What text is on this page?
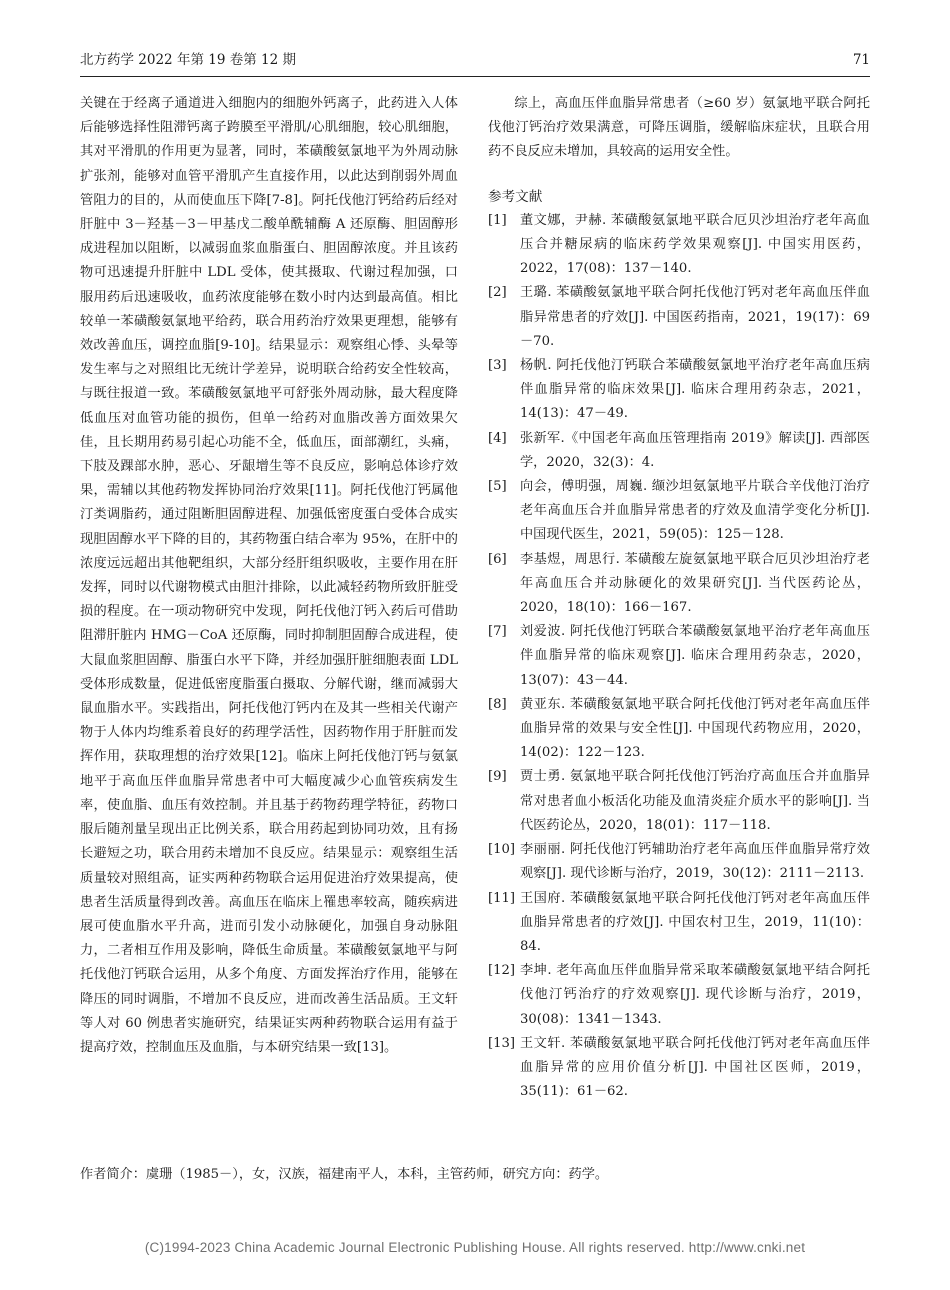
北方药学 2022 年第 19 卷第 12 期	71

关键在于经离子通道进入细胞内的细胞外钙离子，此药进入人体后能够选择性阻滞钙离子跨膜至平滑肌/心肌细胞，较心肌细胞，其对平滑肌的作用更为显著，同时，苯磺酸氨氯地平为外周动脉扩张剂，能够对血管平滑肌产生直接作用，以此达到削弱外周血管阻力的目的，从而使血压下降[7-8]。阿托伐他汀钙给药后经对肝脏中 3－羟基－3－甲基戊二酸单酰辅酶 A 还原酶、胆固醇形成进程加以阻断，以减弱血浆血脂蛋白、胆固醇浓度。并且该药物可迅速提升肝脏中 LDL 受体，使其摄取、代谢过程加强，口服用药后迅速吸收，血药浓度能够在数小时内达到最高值。相比较单一苯磺酸氨氯地平给药，联合用药治疗效果更理想，能够有效改善血压，调控血脂[9-10]。结果显示：观察组心悸、头晕等发生率与之对照组比无统计学差异，说明联合给药安全性较高，与既往报道一致。苯磺酸氨氯地平可舒张外周动脉，最大程度降低血压对血管功能的损伤，但单一给药对血脂改善方面效果欠佳，且长期用药易引起心功能不全，低血压，面部潮红，头痛，下肢及踝部水肿，恶心、牙龈增生等不良反应，影响总体诊疗效果，需辅以其他药物发挥协同治疗效果[11]。阿托伐他汀钙属他汀类调脂药，通过阻断胆固醇进程、加强低密度蛋白受体合成实现胆固醇水平下降的目的，其药物蛋白结合率为 95%，在肝中的浓度远远超出其他靶组织，大部分经肝组织吸收，主要作用在肝发挥，同时以代谢物模式由胆汁排除，以此减轻药物所致肝脏受损的程度。在一项动物研究中发现，阿托伐他汀钙入药后可借助阻滞肝脏内 HMG－CoA 还原酶，同时抑制胆固醇合成进程，使大鼠血浆胆固醇、脂蛋白水平下降，并经加强肝脏细胞表面 LDL 受体形成数量，促进低密度脂蛋白摄取、分解代谢，继而减弱大鼠血脂水平。实践指出，阿托伐他汀钙内在及其一些相关代谢产物于人体内均维系着良好的药理学活性，因药物作用于肝脏而发挥作用，获取理想的治疗效果[12]。临床上阿托伐他汀钙与氨氯地平于高血压伴血脂异常患者中可大幅度减少心血管疾病发生率，使血脂、血压有效控制。并且基于药物药理学特征，药物口服后随剂量呈现出正比例关系，联合用药起到协同功效，且有扬长避短之功，联合用药未增加不良反应。结果显示：观察组生活质量较对照组高，证实两种药物联合运用促进治疗效果提高，使患者生活质量得到改善。高血压在临床上罹患率较高，随疾病进展可使血脂水平升高，进而引发小动脉硬化，加强自身动脉阻力，二者相互作用及影响，降低生命质量。苯磺酸氨氯地平与阿托伐他汀钙联合运用，从多个角度、方面发挥治疗作用，能够在降压的同时调脂，不增加不良反应，进而改善生活品质。王文轩等人对 60 例患者实施研究，结果证实两种药物联合运用有益于提高疗效，控制血压及血脂，与本研究结果一致[13]。

综上，高血压伴血脂异常患者（≥60 岁）氨氯地平联合阿托伐他汀钙治疗效果满意，可降压调脂，缓解临床症状，且联合用药不良反应未增加，具较高的运用安全性。

参考文献

[1] 董文娜，尹赫. 苯磺酸氨氯地平联合厄贝沙坦治疗老年高血压合并糖尿病的临床药学效果观察[J]. 中国实用医药，2022，17(08)：137－140.
[2] 王璐. 苯磺酸氨氯地平联合阿托伐他汀钙对老年高血压伴血脂异常患者的疗效[J]. 中国医药指南，2021，19(17)：69－70.
[3] 杨帆. 阿托伐他汀钙联合苯磺酸氨氯地平治疗老年高血压病伴血脂异常的临床效果[J]. 临床合理用药杂志，2021，14(13)：47－49.
[4] 张新军.《中国老年高血压管理指南 2019》解读[J]. 西部医学，2020，32(3)：4.
[5] 向会，傅明强，周巍. 缬沙坦氨氯地平片联合辛伐他汀治疗老年高血压合并血脂异常患者的疗效及血清学变化分析[J]. 中国现代医生，2021，59(05)：125－128.
[6] 李基煜，周思行. 苯磺酸左旋氨氯地平联合厄贝沙坦治疗老年高血压合并动脉硬化的效果研究[J]. 当代医药论丛，2020，18(10)：166－167.
[7] 刘爱波. 阿托伐他汀钙联合苯磺酸氨氯地平治疗老年高血压伴血脂异常的临床观察[J]. 临床合理用药杂志，2020，13(07)：43－44.
[8] 黄亚东. 苯磺酸氨氯地平联合阿托伐他汀钙对老年高血压伴血脂异常的效果与安全性[J]. 中国现代药物应用，2020，14(02)：122－123.
[9] 贾士勇. 氨氯地平联合阿托伐他汀钙治疗高血压合并血脂异常对患者血小板活化功能及血清炎症介质水平的影响[J]. 当代医药论丛，2020，18(01)：117－118.
[10] 李丽丽. 阿托伐他汀钙辅助治疗老年高血压伴血脂异常疗效观察[J]. 现代诊断与治疗，2019，30(12)：2111－2113.
[11] 王国府. 苯磺酸氨氯地平联合阿托伐他汀钙对老年高血压伴血脂异常患者的疗效[J]. 中国农村卫生，2019，11(10)：84.
[12] 李坤. 老年高血压伴血脂异常采取苯磺酸氨氯地平结合阿托伐他汀钙治疗的疗效观察[J]. 现代诊断与治疗，2019，30(08)：1341－1343.
[13] 王文轩. 苯磺酸氨氯地平联合阿托伐他汀钙对老年高血压伴血脂异常的应用价值分析[J]. 中国社区医师，2019，35(11)：61－62.

作者简介：虞珊（1985－），女，汉族，福建南平人，本科，主管药师，研究方向：药学。

(C)1994-2023 China Academic Journal Electronic Publishing House. All rights reserved. http://www.cnki.net
